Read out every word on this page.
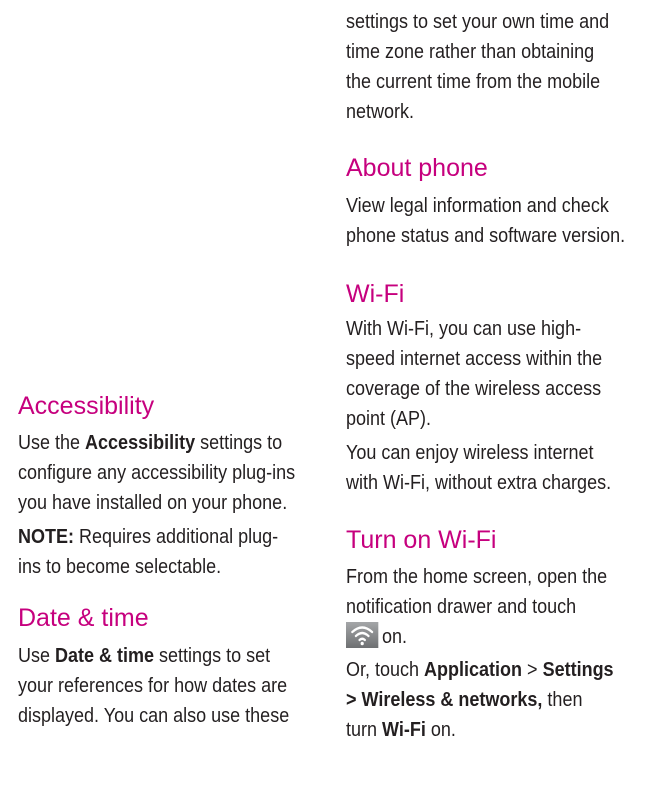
Accessibility

Use the Accessibility settings to
configure any accessibility plug-ins
you have installed on your phone.

NOTE: Requires additional plug-
ins to become selectable.

Date & time

Use Date & time settings to set
your references for how dates are
displayed. You can also use these

settings to set your own time and
time zone rather than obtaining
the current time from the mobile
network.

About phone

View legal information and check
phone status and software version.

Wi-Fi

With Wi-Fi, you can use high-
speed internet access within the
coverage of the wireless access
point (AP).

You can enjoy wireless internet
with Wi-Fi, without extra charges.

Turn on Wi-Fi

From the home screen, open the
notification drawer and touch
on.

Or, touch Application > Settings
> Wireless & networks, then
turn Wi-Fi on.
